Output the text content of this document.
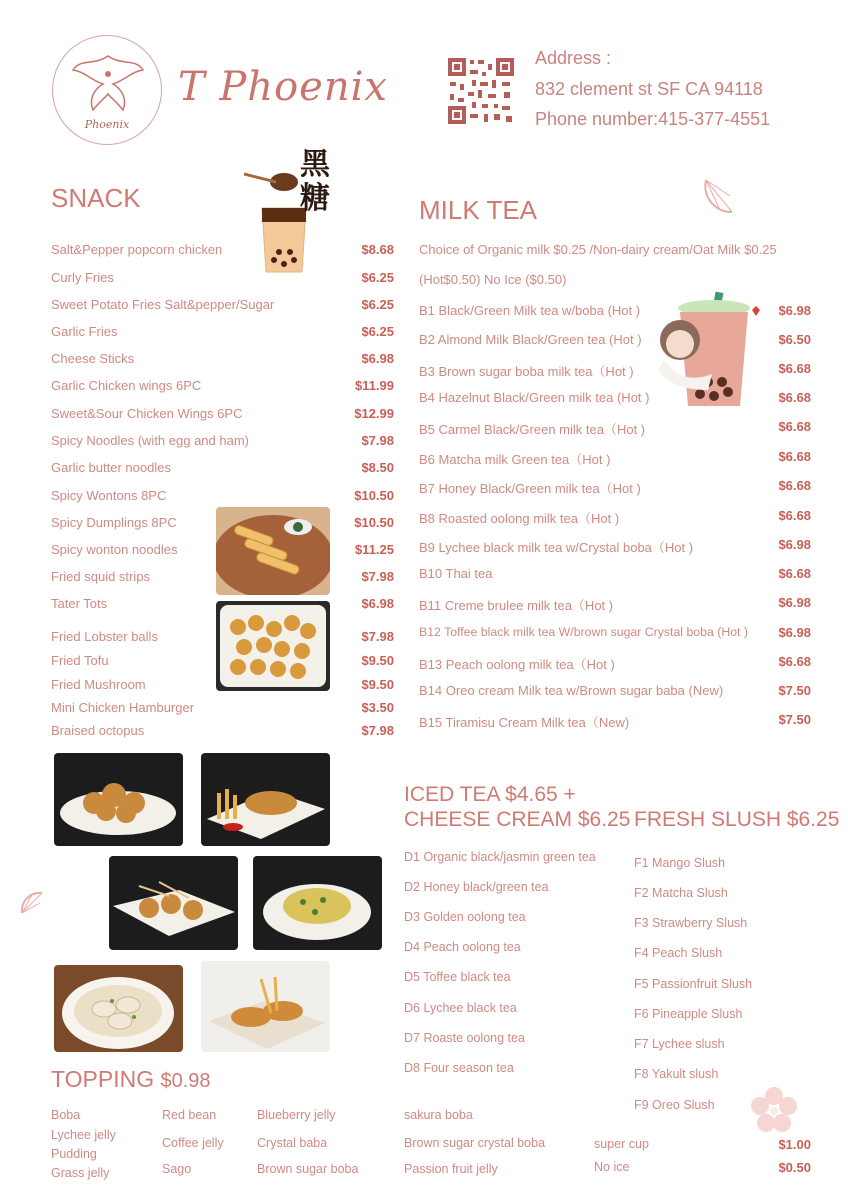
Phoenix
T Phoenix
Address :
832 clement st SF CA 94118
Phone number:415-377-4551
SNACK
黑糖
Salt&Pepper popcorn chicken	$8.68
Curly Fries	$6.25
Sweet Potato Fries Salt&pepper/Sugar	$6.25
Garlic Fries	$6.25
Cheese Sticks	$6.98
Garlic Chicken wings 6PC	$11.99
Sweet&Sour Chicken Wings 6PC	$12.99
Spicy Noodles (with egg and ham)	$7.98
Garlic butter noodles	$8.50
Spicy Wontons 8PC	$10.50
Spicy Dumplings 8PC	$10.50
Spicy wonton noodles	$11.25
Fried squid strips	$7.98
Tater Tots	$6.98
Fried Lobster balls	$7.98
Fried Tofu	$9.50
Fried Mushroom	$9.50
Mini Chicken Hamburger	$3.50
Braised octopus	$7.98
MILK TEA
Choice of Organic milk $0.25 /Non-dairy cream/Oat Milk $0.25
(Hot$0.50) No Ice ($0.50)
B1 Black/Green Milk tea w/boba (Hot )	$6.98
B2 Almond Milk Black/Green tea (Hot )	$6.50
B3 Brown sugar boba milk tea（Hot )	$6.68
B4 Hazelnut Black/Green milk tea (Hot )	$6.68
B5 Carmel Black/Green milk tea（Hot )	$6.68
B6 Matcha milk Green tea（Hot )	$6.68
B7 Honey Black/Green milk tea（Hot )	$6.68
B8 Roasted oolong milk tea（Hot )	$6.68
B9 Lychee black milk tea w/Crystal boba（Hot )	$6.98
B10 Thai tea	$6.68
B11 Creme brulee milk tea（Hot )	$6.98
B12 Toffee black milk tea W/brown sugar Crystal boba (Hot ) $6.98
B13 Peach oolong milk tea（Hot )	$6.68
B14 Oreo cream Milk tea w/Brown sugar baba (New)	$7.50
B15 Tiramisu Cream Milk tea（New)	$7.50
ICED TEA $4.65 +
CHEESE CREAM $6.25
D1 Organic black/jasmin green tea
D2 Honey black/green tea
D3 Golden oolong tea
D4 Peach oolong tea
D5 Toffee black tea
D6 Lychee black tea
D7 Roaste oolong tea
D8 Four season tea
FRESH SLUSH $6.25
F1 Mango Slush
F2 Matcha Slush
F3 Strawberry Slush
F4 Peach Slush
F5 Passionfruit Slush
F6 Pineapple Slush
F7 Lychee slush
F8 Yakult slush
F9 Oreo Slush
TOPPING $0.98
Boba
Lychee jelly
Pudding
Grass jelly
Red bean
Coffee jelly
Sago
Blueberry jelly
Crystal baba
Brown sugar boba
sakura boba
Brown sugar crystal boba
Passion fruit jelly
super cup	$1.00
No ice	$0.50
